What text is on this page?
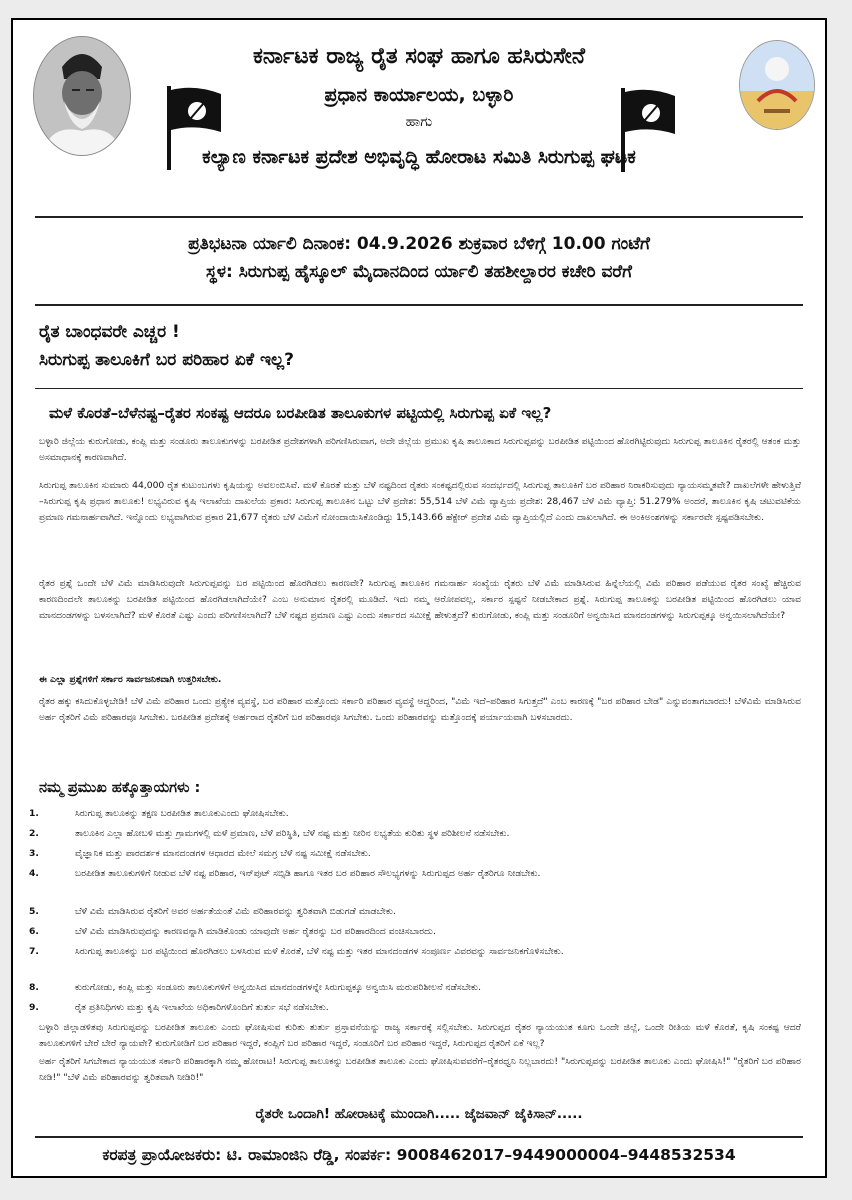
ಕರ್ನಾಟಕ ರಾಜ್ಯ ರೈತ ಸಂಘ ಹಾಗೂ ಹಸಿರುಸೇನೆ
ಪ್ರಧಾನ ಕಾರ್ಯಾಲಯ, ಬಳ್ಳಾರಿ
ಹಾಗು
ಕಲ್ಯಾಣ ಕರ್ನಾಟಕ ಪ್ರದೇಶ ಅಭಿವೃದ್ಧಿ ಹೋರಾಟ ಸಮಿತಿ ಸಿರುಗುಪ್ಪ ಘಟಕ
ಪ್ರತಿಭಟನಾ ರ್ಯಾಲಿ ದಿನಾಂಕ: 04.9.2026 ಶುಕ್ರವಾರ ಬೆಳಿಗ್ಗೆ 10.00 ಗಂಟೆಗೆ
ಸ್ಥಳ: ಸಿರುಗುಪ್ಪ ಹೈಸ್ಕೂಲ್ ಮೈದಾನದಿಂದ ರ್ಯಾಲಿ ತಹಶೀಲ್ದಾರರ ಕಚೇರಿ ವರೆಗೆ
ರೈತ ಬಾಂಧವರೇ ಎಚ್ಚರ !
ಸಿರುಗುಪ್ಪ ತಾಲೂಕಿಗೆ ಬರ ಪರಿಹಾರ ಏಕೆ ಇಲ್ಲ?
ಮಳೆ ಕೊರತೆ–ಬೆಳೆನಷ್ಟ–ರೈತರ ಸಂಕಷ್ಟ ಆದರೂ ಬರಪೀಡಿತ ತಾಲೂಕುಗಳ ಪಟ್ಟಿಯಲ್ಲಿ ಸಿರುಗುಪ್ಪ ಏಕೆ ಇಲ್ಲ?
ಬಳ್ಳಾರಿ ಜಿಲ್ಲೆಯ ಕುರುಗೋಡು, ಕಂಪ್ಲಿ ಮತ್ತು ಸಂಡೂರು ತಾಲೂಕುಗಳನ್ನು ಬರಪೀಡಿತ ಪ್ರದೇಶಗಳಾಗಿ ಪರಿಗಣಿಸಿರುವಾಗ, ಅದೇ ಜಿಲ್ಲೆಯ ಪ್ರಮುಖ ಕೃಷಿ ತಾಲೂಕಾದ ಸಿರುಗುಪ್ಪವನ್ನು ಬರಪೀಡಿತ ಪಟ್ಟಿಯಿಂದ ಹೊರಗಿಟ್ಟಿರುವುದು ಸಿರುಗುಪ್ಪ ತಾಲೂಕಿನ ರೈತರಲ್ಲಿ ಆತಂಕ ಮತ್ತು ಅಸಮಾಧಾನಕ್ಕೆ ಕಾರಣವಾಗಿದೆ.
ಸಿರುಗುಪ್ಪ ತಾಲೂಕಿನ ಸುಮಾರು 44,000 ರೈತ ಕುಟುಂಬಗಳು ಕೃಷಿಯನ್ನು ಅವಲಂಬಿಸಿವೆ. ಮಳೆ ಕೊರತೆ ಮತ್ತು ಬೆಳೆ ನಷ್ಟದಿಂದ ರೈತರು ಸಂಕಷ್ಟದಲ್ಲಿರುವ ಸಂದರ್ಭದಲ್ಲಿ ಸಿರುಗುಪ್ಪ ತಾಲೂಕಿಗೆ ಬರ ಪರಿಹಾರ ನಿರಾಕರಿಸುವುದು ನ್ಯಾಯಸಮ್ಮತವೇ? ದಾಖಲೆಗಳೇ ಹೇಳುತ್ತಿವೆ –ಸಿರುಗುಪ್ಪ ಕೃಷಿ ಪ್ರಧಾನ ತಾಲೂಕು! ಲಭ್ಯವಿರುವ ಕೃಷಿ ಇಲಾಖೆಯ ದಾಖಲೆಯ ಪ್ರಕಾರ: ಸಿರುಗುಪ್ಪ ತಾಲೂಕಿನ ಒಟ್ಟು ಬೆಳೆ ಪ್ರದೇಶ: 55,514 ಬೆಳೆ ವಿಮೆ ವ್ಯಾಪ್ತಿಯ ಪ್ರದೇಶ: 28,467 ಬೆಳೆ ವಿಮೆ ವ್ಯಾಪ್ತಿ: 51.279% ಅಂದರೆ, ತಾಲೂಕಿನ ಕೃಷಿ ಚಟುವಟಿಕೆಯ ಪ್ರಮಾಣ ಗಮನಾರ್ಹವಾಗಿದೆ. ಇನ್ನೊಂದು ಲಭ್ಯವಾಗಿರುವ ಪ್ರಕಾರ 21,677 ರೈತರು ಬೆಳೆ ವಿಮೆಗೆ ನೋಂದಾಯಿಸಿಕೊಂಡಿದ್ದು 15,143.66 ಹೆಕ್ಟೇರ್ ಪ್ರದೇಶ ವಿಮೆ ವ್ಯಾಪ್ತಿಯಲ್ಲಿದೆ ಎಂದು ದಾಖಲಾಗಿದೆ. ಈ ಅಂಕಿಅಂಶಗಳನ್ನು ಸರ್ಕಾರವೇ ಸ್ಪಷ್ಟಪಡಿಸಬೇಕು.
ರೈತರ ಪ್ರಶ್ನೆ ಒಂದೇ ಬೆಳೆ ವಿಮೆ ಮಾಡಿಸಿರುವುದೇ ಸಿರುಗುಪ್ಪವನ್ನು ಬರ ಪಟ್ಟಿಯಿಂದ ಹೊರಗಿಡಲು ಕಾರಣವೇ? ಸಿರುಗುಪ್ಪ ತಾಲೂಕಿನ ಗಮನಾರ್ಹ ಸಂಖ್ಯೆಯ ರೈತರು ಬೆಳೆ ವಿಮೆ ಮಾಡಿಸಿರುವ ಹಿನ್ನೆಲೆಯಲ್ಲಿ ವಿಮೆ ಪರಿಹಾರ ಪಡೆಯುವ ರೈತರ ಸಂಖ್ಯೆ ಹೆಚ್ಚಿರುವ ಕಾರಣದಿಂದಲೇ ತಾಲೂಕನ್ನು ಬರಪೀಡಿತ ಪಟ್ಟಿಯಿಂದ ಹೊರಗಿಡಲಾಗಿದೆಯೇ? ಎಂಬ ಅನುಮಾನ ರೈತರಲ್ಲಿ ಮೂಡಿದೆ. ಇದು ನಮ್ಮ ಆರೋಪವಲ್ಲ, ಸರ್ಕಾರ ಸ್ಪಷ್ಟನೆ ನೀಡಬೇಕಾದ ಪ್ರಶ್ನೆ. ಸಿರುಗುಪ್ಪ ತಾಲೂಕನ್ನು ಬರಪೀಡಿತ ಪಟ್ಟಿಯಿಂದ ಹೊರಗಿಡಲು ಯಾವ ಮಾನದಂಡಗಳನ್ನು ಬಳಸಲಾಗಿದೆ? ಮಳೆ ಕೊರತೆ ಎಷ್ಟು ಎಂದು ಪರಿಗಣಿಸಲಾಗಿದೆ? ಬೆಳೆ ನಷ್ಟದ ಪ್ರಮಾಣ ಎಷ್ಟು ಎಂದು ಸರ್ಕಾರದ ಸಮೀಕ್ಷೆ ಹೇಳುತ್ತದೆ? ಕುರುಗೋಡು, ಕಂಪ್ಲಿ ಮತ್ತು ಸಂಡೂರಿಗೆ ಅನ್ವಯಿಸಿದ ಮಾನದಂಡಗಳನ್ನು ಸಿರುಗುಪ್ಪಕ್ಕೂ ಅನ್ವಯಿಸಲಾಗಿದೆಯೇ?
ಈ ಎಲ್ಲಾ ಪ್ರಶ್ನೆಗಳಿಗೆ ಸರ್ಕಾರ ಸಾರ್ವಜನಿಕವಾಗಿ ಉತ್ತರಿಸಬೇಕು.
ರೈತರ ಹಕ್ಕು ಕಸಿದುಕೊಳ್ಳಬೇಡಿ! ಬೆಳೆ ವಿಮೆ ಪರಿಹಾರ ಒಂದು ಪ್ರತ್ಯೇಕ ವ್ಯವಸ್ಥೆ, ಬರ ಪರಿಹಾರ ಮತ್ತೊಂದು ಸರ್ಕಾರಿ ಪರಿಹಾರ ವ್ಯವಸ್ಥೆ ಆದ್ದರಿಂದ, "ವಿಮೆ ಇದೆ–ಪರಿಹಾರ ಸಿಗುತ್ತದೆ" ಎಂಬ ಕಾರಣಕ್ಕೆ "ಬರ ಪರಿಹಾರ ಬೇಡ" ಎನ್ನುವಂತಾಗಬಾರದು! ಬೆಳೆವಿಮೆ ಮಾಡಿಸಿರುವ ಅರ್ಹ ರೈತರಿಗೆ ವಿಮೆ ಪರಿಹಾರವೂ ಸಿಗಬೇಕು. ಬರಪೀಡಿತ ಪ್ರದೇಶಕ್ಕೆ ಅರ್ಹರಾದ ರೈತರಿಗೆ ಬರ ಪರಿಹಾರವೂ ಸಿಗಬೇಕು. ಒಂದು ಪರಿಹಾರವನ್ನು ಮತ್ತೊಂದಕ್ಕೆ ಪರ್ಯಾಯವಾಗಿ ಬಳಸಬಾರದು.
ನಮ್ಮ ಪ್ರಮುಖ ಹಕ್ಕೊತ್ತಾಯಗಳು :
1.	ಸಿರುಗುಪ್ಪ ತಾಲೂಕನ್ನು ತಕ್ಷಣ ಬರಪೀಡಿತ ತಾಲೂಕುಎಂದು ಘೋಷಿಸಬೇಕು.
2.	ತಾಲೂಕಿನ ಎಲ್ಲಾ ಹೋಬಳಿ ಮತ್ತು ಗ್ರಾಮಗಳಲ್ಲಿ ಮಳೆ ಪ್ರಮಾಣ, ಬೆಳೆ ಪರಿಸ್ಥಿತಿ, ಬೆಳೆ ನಷ್ಟ ಮತ್ತು ನೀರಿನ ಲಭ್ಯತೆಯ ಕುರಿತು ಸ್ಥಳ ಪರಿಶೀಲನೆ ನಡೆಸಬೇಕು.
3.	ವೈಜ್ಞಾನಿಕ ಮತ್ತು ಪಾರದರ್ಶಕ ಮಾನದಂಡಗಳ ಆಧಾರದ ಮೇಲೆ ಸಮಗ್ರ ಬೆಳೆ ನಷ್ಟ ಸಮೀಕ್ಷೆ ನಡೆಸಬೇಕು.
4.	ಬರಪೀಡಿತ ತಾಲೂಕುಗಳಿಗೆ ನೀಡುವ ಬೆಳೆ ನಷ್ಟ ಪರಿಹಾರ, ಇನ್‌ಪುಟ್ ಸಬ್ಸಿಡಿ ಹಾಗೂ ಇತರ ಬರ ಪರಿಹಾರ ಸೌಲಭ್ಯಗಳನ್ನು ಸಿರುಗುಪ್ಪದ ಅರ್ಹ ರೈತರಿಗೂ ನೀಡಬೇಕು.
5.	ಬೆಳೆ ವಿಮೆ ಮಾಡಿಸಿರುವ ರೈತರಿಗೆ ಅವರ ಅರ್ಹತೆಯಂತೆ ವಿಮೆ ಪರಿಹಾರವನ್ನು ತ್ವರಿತವಾಗಿ ಬಿಡುಗಡೆ ಮಾಡಬೇಕು.
6.	ಬೆಳೆ ವಿಮೆ ಮಾಡಿಸಿರುವುದನ್ನು ಕಾರಣವನ್ನಾಗಿ ಮಾಡಿಕೊಂಡು ಯಾವುದೇ ಅರ್ಹ ರೈತರನ್ನು ಬರ ಪರಿಹಾರದಿಂದ ವಂಚಿಸಬಾರದು.
7.	ಸಿರುಗುಪ್ಪ ತಾಲೂಕನ್ನು ಬರ ಪಟ್ಟಿಯಿಂದ ಹೊರಗಿಡಲು ಬಳಸಿರುವ ಮಳೆ ಕೊರತೆ, ಬೆಳೆ ನಷ್ಟ ಮತ್ತು ಇತರ ಮಾನದಂಡಗಳ ಸಂಪೂರ್ಣ ವಿವರವನ್ನು ಸಾರ್ವಜನಿಕಗೊಳಿಸಬೇಕು.
8.	ಕುರುಗೋಡು, ಕಂಪ್ಲಿ ಮತ್ತು ಸಂಡೂರು ತಾಲೂಕುಗಳಿಗೆ ಅನ್ವಯಿಸಿದ ಮಾನದಂಡಗಳನ್ನೇ ಸಿರುಗುಪ್ಪಕ್ಕೂ ಅನ್ವಯಿಸಿ ಮರುಪರಿಶೀಲನೆ ನಡೆಸಬೇಕು.
9.	ರೈತ ಪ್ರತಿನಿಧಿಗಳು ಮತ್ತು ಕೃಷಿ ಇಲಾಖೆಯ ಅಧಿಕಾರಿಗಳೊಂದಿಗೆ ತುರ್ತು ಸಭೆ ನಡೆಸಬೇಕು.
ಬಳ್ಳಾರಿ ಜಿಲ್ಲಾಡಳಿತವು ಸಿರುಗುಪ್ಪವನ್ನು ಬರಪೀಡಿತ ತಾಲೂಕು ಎಂದು ಘೋಷಿಸುವ ಕುರಿತು ತುರ್ತು ಪ್ರಸ್ತಾವನೆಯನ್ನು ರಾಜ್ಯ ಸರ್ಕಾರಕ್ಕೆ ಸಲ್ಲಿಸಬೇಕು. ಸಿರುಗುಪ್ಪದ ರೈತರ ನ್ಯಾಯಯುತ ಕೂಗು ಒಂದೇ ಜಿಲ್ಲೆ, ಒಂದೇ ರೀತಿಯ ಮಳೆ ಕೊರತೆ, ಕೃಷಿ ಸಂಕಷ್ಟ ಆದರೆ ತಾಲೂಕುಗಳಿಗೆ ಬೇರೆ ಬೇರೆ ನ್ಯಾಯವೇ? ಕುರುಗೋಡಿಗೆ ಬರ ಪರಿಹಾರ ಇದ್ದರೆ, ಕಂಪ್ಲಿಗೆ ಬರ ಪರಿಹಾರ ಇದ್ದರೆ, ಸಂಡೂರಿಗೆ ಬರ ಪರಿಹಾರ ಇದ್ದರೆ, ಸಿರುಗುಪ್ಪದ ರೈತರಿಗೆ ಏಕೆ ಇಲ್ಲ?
ಅರ್ಹ ರೈತರಿಗೆ ಸಿಗಬೇಕಾದ ನ್ಯಾಯಯುತ ಸರ್ಕಾರಿ ಪರಿಹಾರಕ್ಕಾಗಿ ನಮ್ಮ ಹೋರಾಟ! ಸಿರುಗುಪ್ಪ ತಾಲೂಕನ್ನು ಬರಪೀಡಿತ ತಾಲೂಕು ಎಂದು ಘೋಷಿಸುವವರೆಗೆ–ರೈತರಧ್ವನಿ ನಿಲ್ಲಬಾರದು! "ಸಿರುಗುಪ್ಪವನ್ನು ಬರಪೀಡಿತ ತಾಲೂಕು ಎಂದು ಘೋಷಿಸಿ!" "ರೈತರಿಗೆ ಬರ ಪರಿಹಾರ ನೀಡಿ!" "ಬೆಳೆ ವಿಮೆ ಪರಿಹಾರವನ್ನು ತ್ವರಿತವಾಗಿ ನೀಡಿರಿ!"
ರೈತರೇ ಒಂದಾಗಿ! ಹೋರಾಟಕ್ಕೆ ಮುಂದಾಗಿ..... ಜೈಜವಾನ್ ಜೈಕಿಸಾನ್.....
ಕರಪತ್ರ ಪ್ರಾಯೋಜಕರು: ಟಿ. ರಾಮಾಂಜಿನಿ ರೆಡ್ಡಿ, ಸಂಪರ್ಕ: 9008462017–9449000004–9448532534
